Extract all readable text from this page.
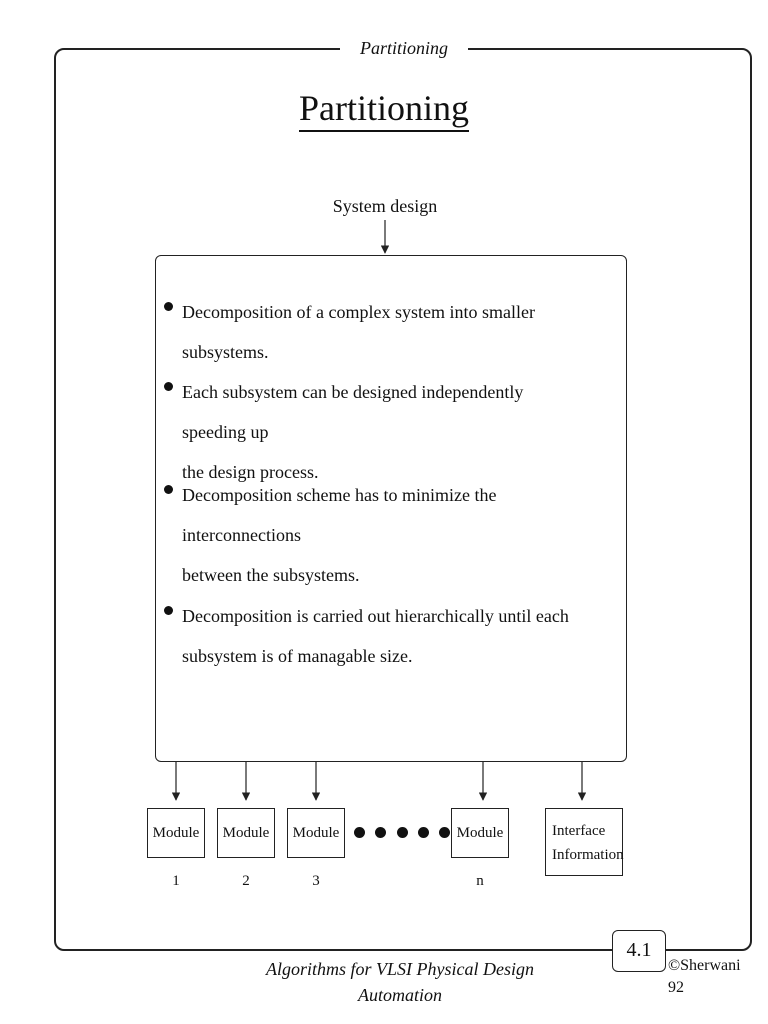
Partitioning
Partitioning
System design
Decomposition of a complex system into smaller subsystems.
Each subsystem can be designed independently speeding up
the design process.
Decomposition scheme has to minimize the interconnections
between the subsystems.
Decomposition is carried out hierarchically until each
subsystem is of managable size.
Module 1
Module 2
Module 3
Module n
Interface
Information
Algorithms for VLSI Physical Design Automation
4.1
©Sherwani 92
